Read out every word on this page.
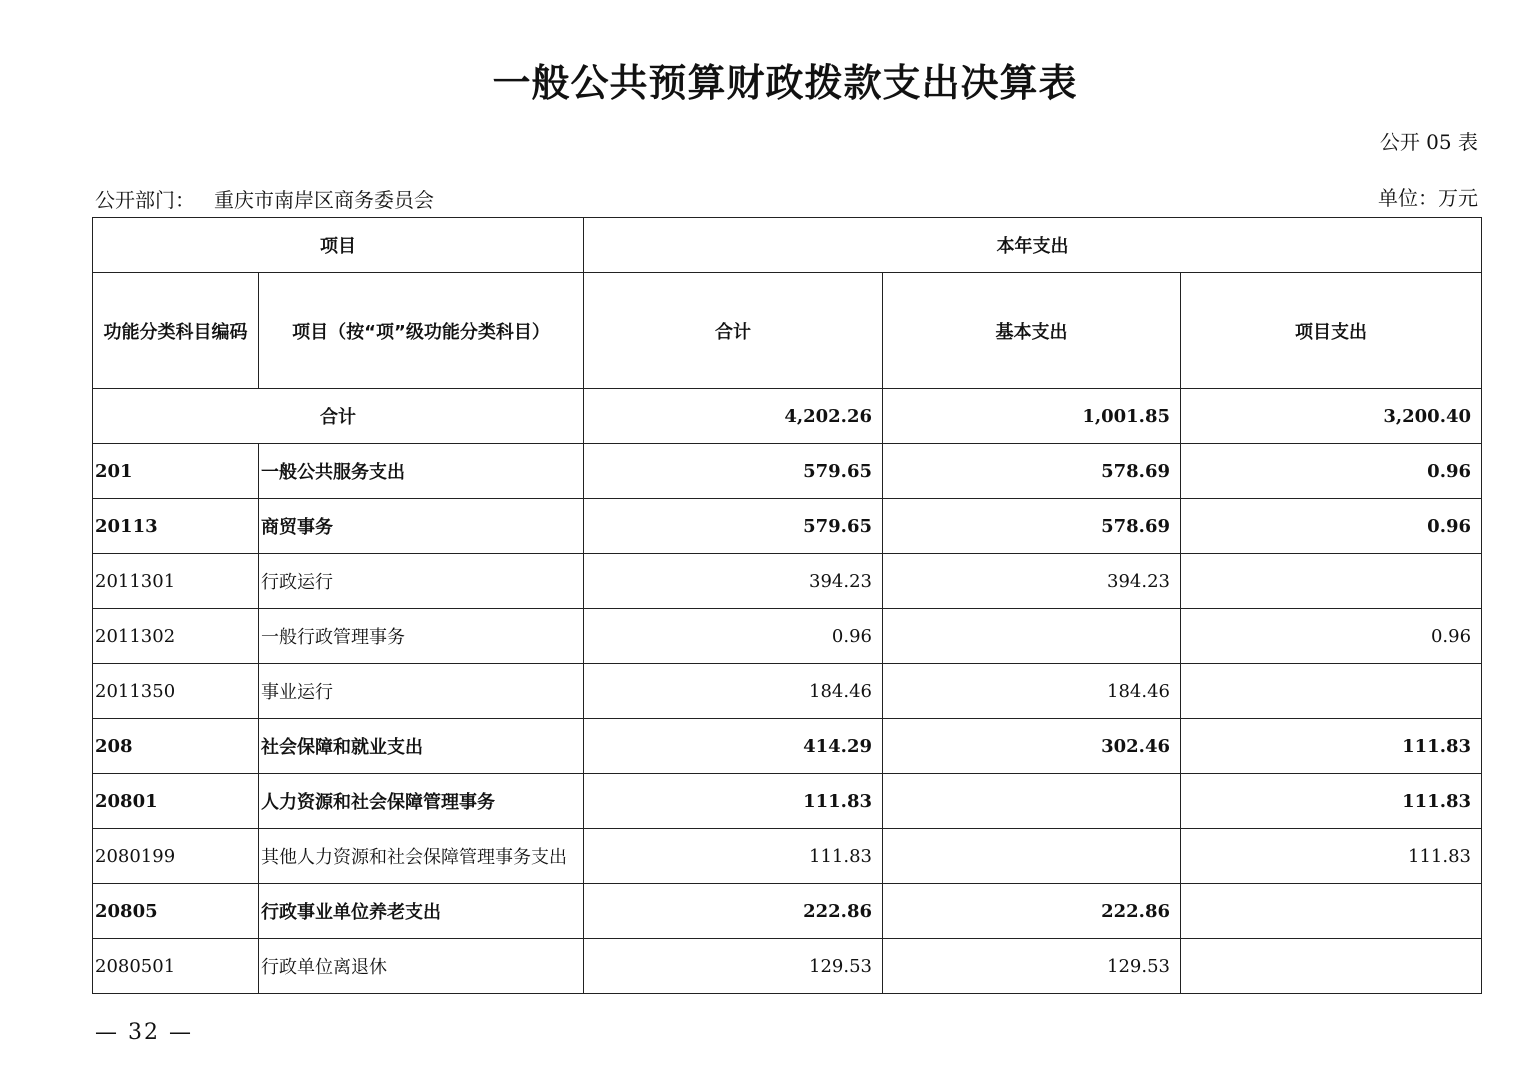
一般公共预算财政拨款支出决算表
公开 05 表
公开部门： 重庆市南岸区商务委员会	单位：万元
项目		本年支出		
功能分类科目编码	项目（按“项”级功能分类科目）	合计	基本支出	项目支出
合计		4,202.26	1,001.85	3,200.40
201	一般公共服务支出	579.65	578.69	0.96
20113	商贸事务	579.65	578.69	0.96
2011301	行政运行	394.23	394.23	
2011302	一般行政管理事务	0.96		0.96
2011350	事业运行	184.46	184.46	
208	社会保障和就业支出	414.29	302.46	111.83
20801	人力资源和社会保障管理事务	111.83		111.83
2080199	其他人力资源和社会保障管理事务支出	111.83		111.83
20805	行政事业单位养老支出	222.86	222.86	
2080501	行政单位离退休	129.53	129.53	
— 32 —
